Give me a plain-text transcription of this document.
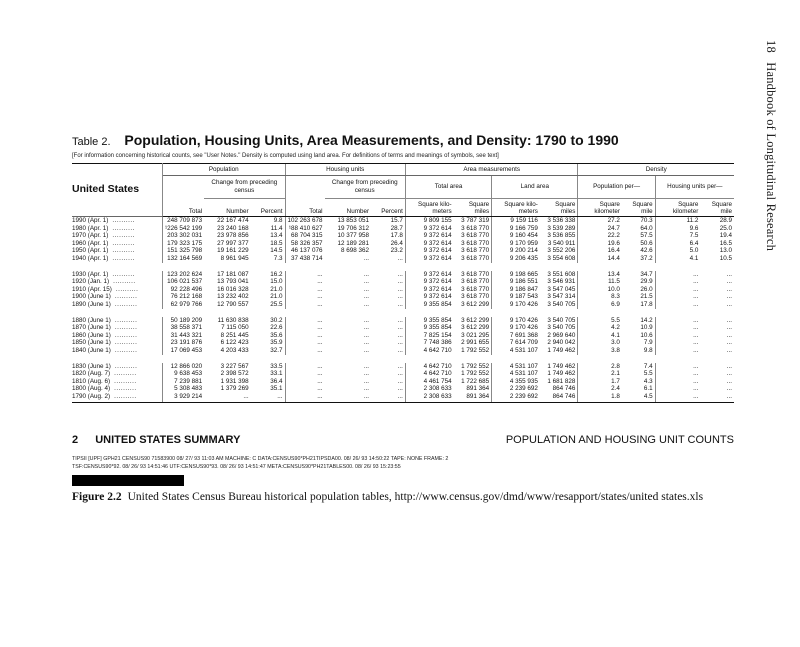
18 Handbook of Longitudinal Research
Table 2. Population, Housing Units, Area Measurements, and Density: 1790 to 1990
[For information concerning historical counts, see "User Notes." Density is computed using land area. For definitions of terms and meanings of symbols, see text]
United States	Population			Housing units			Area measurements				Density			
		Change from preceding census			Change from preceding census		Total area		Land area		Population per—		Housing units per—	
	Total	Number	Percent	Total	Number	Percent	Square kilo-meters	Square miles	Square kilo-meters	Square miles	Square kilometer	Square mile	Square kilometer	Square mile
1990 (Apr. 1) ..........	248 709 873	22 167 474	9.8	102 263 678	13 853 051	15.7	9 809 155	3 787 319	9 159 116	3 536 338	27.2	70.3	11.2	28.9
1980 (Apr. 1) ..........	¹226 542 199	23 240 168	11.4	¹88 410 627	19 706 312	28.7	9 372 614	3 618 770	9 166 759	3 539 289	24.7	64.0	9.6	25.0
1970 (Apr. 1) ..........	203 302 031	23 978 856	13.4	68 704 315	10 377 958	17.8	9 372 614	3 618 770	9 160 454	3 536 855	22.2	57.5	7.5	19.4
1960 (Apr. 1) ..........	179 323 175	27 997 377	18.5	58 326 357	12 189 281	26.4	9 372 614	3 618 770	9 170 959	3 540 911	19.6	50.6	6.4	16.5
1950 (Apr. 1) ..........	151 325 798	19 161 229	14.5	46 137 076	8 698 362	23.2	9 372 614	3 618 770	9 200 214	3 552 206	16.4	42.6	5.0	13.0
1940 (Apr. 1) ..........	132 164 569	8 961 945	7.3	37 438 714	...	...	9 372 614	3 618 770	9 206 435	3 554 608	14.4	37.2	4.1	10.5

1930 (Apr. 1) ..........	123 202 624	17 181 087	16.2	...	...	...	9 372 614	3 618 770	9 198 665	3 551 608	13.4	34.7	...	...
1920 (Jan. 1) ..........	106 021 537	13 793 041	15.0	...	...	...	9 372 614	3 618 770	9 186 551	3 546 931	11.5	29.9	...	...
1910 (Apr. 15) ..........	92 228 496	16 016 328	21.0	...	...	...	9 372 614	3 618 770	9 186 847	3 547 045	10.0	26.0	...	...
1900 (June 1) ..........	76 212 168	13 232 402	21.0	...	...	...	9 372 614	3 618 770	9 187 543	3 547 314	8.3	21.5	...	...
1890 (June 1) ..........	62 979 766	12 790 557	25.5	...	...	...	9 355 854	3 612 299	9 170 426	3 540 705	6.9	17.8	...	...

1880 (June 1) ..........	50 189 209	11 630 838	30.2	...	...	...	9 355 854	3 612 299	9 170 426	3 540 705	5.5	14.2	...	...
1870 (June 1) ..........	38 558 371	7 115 050	22.6	...	...	...	9 355 854	3 612 299	9 170 426	3 540 705	4.2	10.9	...	...
1860 (June 1) ..........	31 443 321	8 251 445	35.6	...	...	...	7 825 154	3 021 295	7 691 368	2 969 640	4.1	10.6	...	...
1850 (June 1) ..........	23 191 876	6 122 423	35.9	...	...	...	7 748 386	2 991 655	7 614 709	2 940 042	3.0	7.9	...	...
1840 (June 1) ..........	17 069 453	4 203 433	32.7	...	...	...	4 642 710	1 792 552	4 531 107	1 749 462	3.8	9.8	...	...

1830 (June 1) ..........	12 866 020	3 227 567	33.5	...	...	...	4 642 710	1 792 552	4 531 107	1 749 462	2.8	7.4	...	...
1820 (Aug. 7) ..........	9 638 453	2 398 572	33.1	...	...	...	4 642 710	1 792 552	4 531 107	1 749 462	2.1	5.5	...	...
1810 (Aug. 6) ..........	7 239 881	1 931 398	36.4	...	...	...	4 461 754	1 722 685	4 355 935	1 681 828	1.7	4.3	...	...
1800 (Aug. 4) ..........	5 308 483	1 379 269	35.1	...	...	...	2 308 633	891 364	2 239 692	864 746	2.4	6.1	...	...
1790 (Aug. 2) ..........	3 929 214	...	...	...	...	...	2 308 633	891 364	2 239 692	864 746	1.8	4.5	...	...
2 UNITED STATES SUMMARY	POPULATION AND HOUSING UNIT COUNTS
TIPSII [UPF] GPH21 CENSUS90 71583900 08/ 27/ 93 11:03 AM MACHINE: C DATA:CENSUS90*PH21TIPSDA00. 08/ 26/ 93 14:50:22 TAPE: NONE FRAME: 2
TSF:CENSUS90*92. 08/ 26/ 93 14:51:46 UTF:CENSUS90*93. 08/ 26/ 93 14:51:47 META:CENSUS90*PH21TABLES00. 08/ 26/ 93 15:23:55
Figure 2.2 United States Census Bureau historical population tables, http://www.census.gov/dmd/www/resapport/states/united states.xls
